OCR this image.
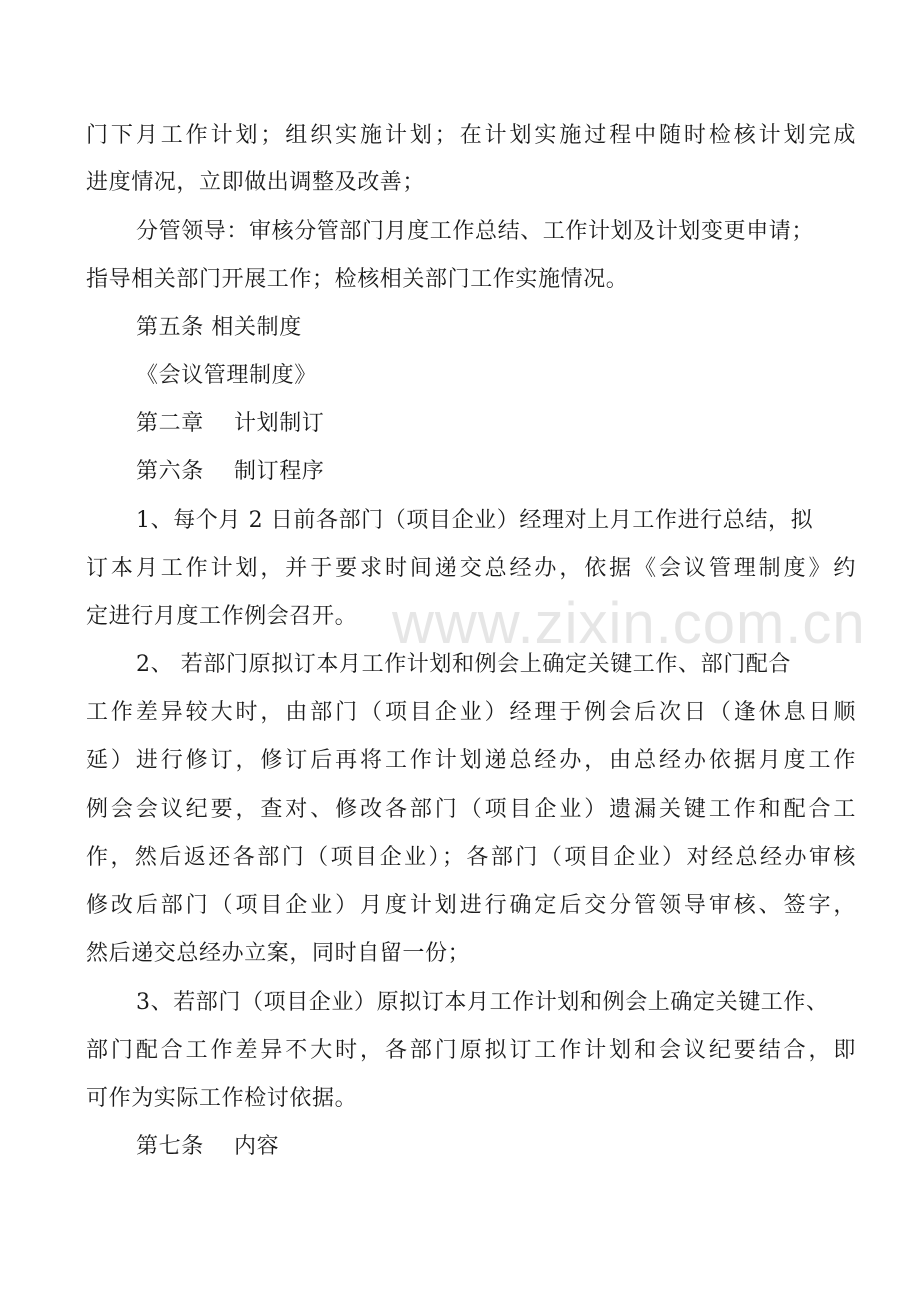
www.zixin.com.cn
门下月工作计划；组织实施计划；在计划实施过程中随时检核计划完成
进度情况，立即做出调整及改善；
分管领导：审核分管部门月度工作总结、工作计划及计划变更申请；
指导相关部门开展工作；检核相关部门工作实施情况。
第五条 相关制度
《会议管理制度》
第二章　 计划制订
第六条　 制订程序
1、每个月 2 日前各部门（项目企业）经理对上月工作进行总结，拟
订本月工作计划，并于要求时间递交总经办，依据《会议管理制度》约
定进行月度工作例会召开。
2、 若部门原拟订本月工作计划和例会上确定关键工作、部门配合
工作差异较大时，由部门（项目企业）经理于例会后次日（逢休息日顺
延）进行修订，修订后再将工作计划递总经办，由总经办依据月度工作
例会会议纪要，查对、修改各部门（项目企业）遗漏关键工作和配合工
作，然后返还各部门（项目企业）；各部门（项目企业）对经总经办审核
修改后部门（项目企业）月度计划进行确定后交分管领导审核、签字，
然后递交总经办立案，同时自留一份；
3、若部门（项目企业）原拟订本月工作计划和例会上确定关键工作、
部门配合工作差异不大时，各部门原拟订工作计划和会议纪要结合，即
可作为实际工作检讨依据。
第七条　 内容
